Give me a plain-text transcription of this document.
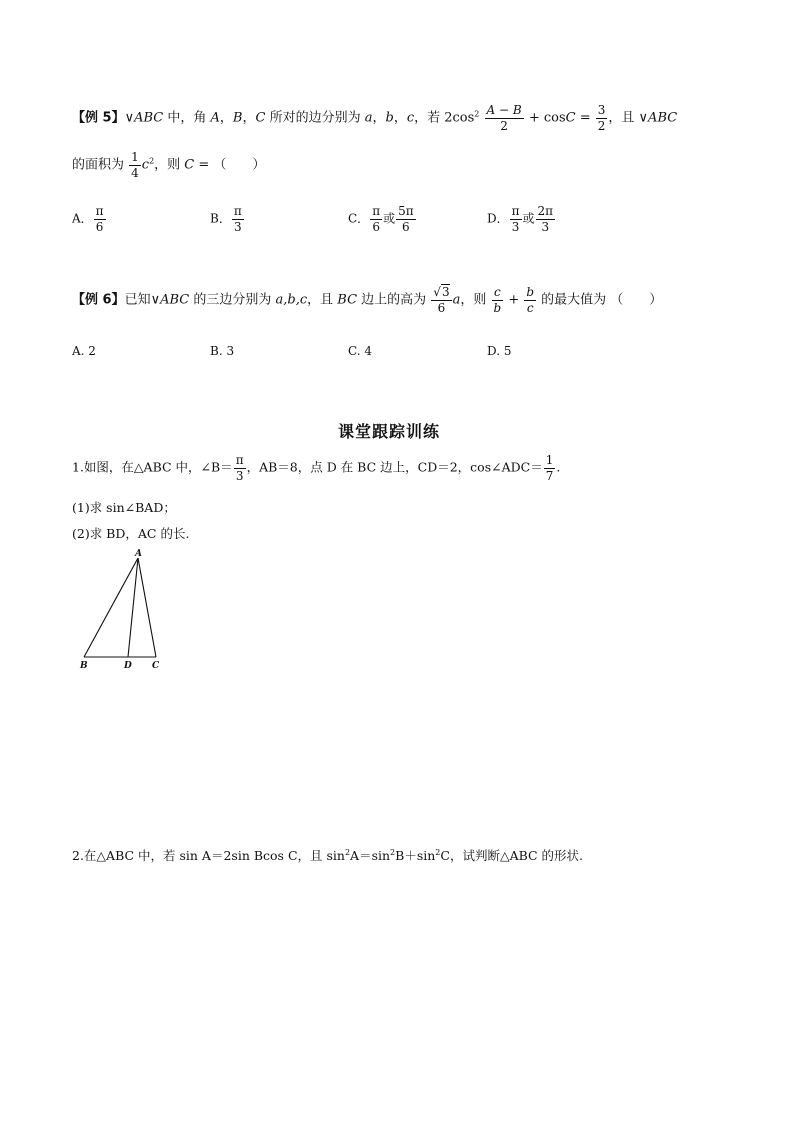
【例 5】∨ABC 中，角 A，B，C 所对的边分别为 a，b，c，若 $2\cos^2 \frac{A - B}{2} + \cos C = \frac{3}{2}$ ，且 ∨ABC
的面积为 $\frac{1}{4} c^2$，则 C = （　　）
A． $\frac{\pi}{6}$	B． $\frac{\pi}{3}$	C． $\frac{\pi}{6}$ 或 $\frac{5\pi}{6}$	D． $\frac{\pi}{3}$ 或 $\frac{2\pi}{3}$
【例 6】已知∨ABC 的三边分别为 a,b,c，且 BC 边上的高为 $\frac{√3}{6}$ a，则 $\frac{c}{b} + \frac{b}{c}$ 的最大值为 （　　）
A. 2	B. 3	C. 4	D. 5
课堂跟踪训练
1.如图，在△ABC 中，∠B＝ $\frac{\pi}{3}$ ，AB＝8，点 D 在 BC 边上，CD＝2，cos∠ADC＝ $\frac{1}{7}$ .
(1)求 sin∠BAD；
(2)求 BD，AC 的长.
A
B	D C
2.在△ABC 中，若 sin A＝2sin Bcos C，且 $\sin^2A=\sin^2B+\sin^2C$，试判断△ABC 的形状.
